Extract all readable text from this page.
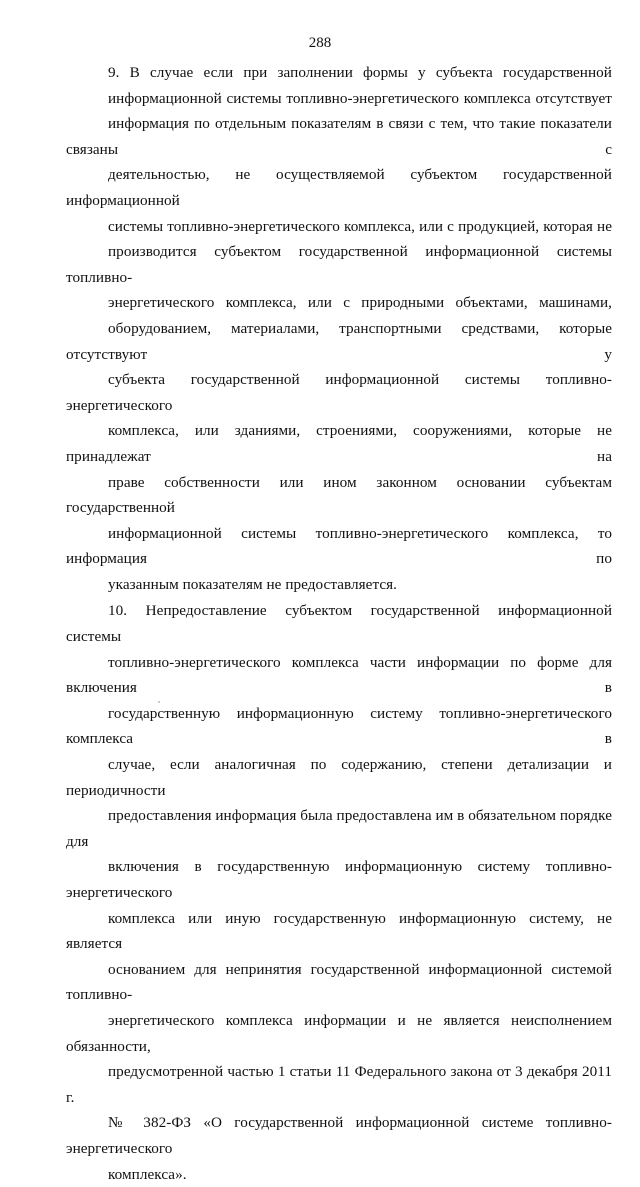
288

9. В случае если при заполнении формы у субъекта государственной
информационной системы топливно-энергетического комплекса отсутствует
информация по отдельным показателям в связи с тем, что такие показатели связаны с
деятельностью, не осуществляемой субъектом государственной информационной
системы топливно-энергетического комплекса, или с продукцией, которая не
производится субъектом государственной информационной системы топливно-
энергетического комплекса, или с природными объектами, машинами,
оборудованием, материалами, транспортными средствами, которые отсутствуют у
субъекта государственной информационной системы топливно-энергетического
комплекса, или зданиями, строениями, сооружениями, которые не принадлежат на
праве собственности или ином законном основании субъектам государственной
информационной системы топливно-энергетического комплекса, то информация по
указанным показателям не предоставляется.

10. Непредоставление субъектом государственной информационной системы
топливно-энергетического комплекса части информации по форме для включения в
государственную информационную систему топливно-энергетического комплекса в
случае, если аналогичная по содержанию, степени детализации и периодичности
предоставления информация была предоставлена им в обязательном порядке для
включения в государственную информационную систему топливно-энергетического
комплекса или иную государственную информационную систему, не является
основанием для непринятия государственной информационной системой топливно-
энергетического комплекса информации и не является неисполнением обязанности,
предусмотренной частью 1 статьи 11 Федерального закона от 3 декабря 2011 г.
№ 382-ФЗ «О государственной информационной системе топливно-энергетического
комплекса».
